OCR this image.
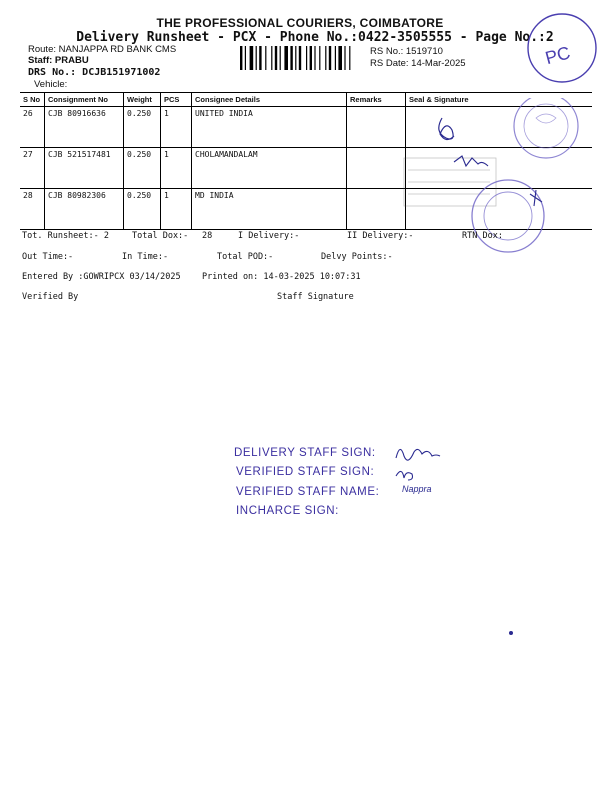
THE PROFESSIONAL COURIERS, COIMBATORE
Delivery Runsheet - PCX - Phone No.:0422-3505555 - Page No.:2
PC
Route: NANJAPPA RD BANK CMS
Staff: PRABU
DRS No.: DCJB151971002
Vehicle:
RS No.: 1519710
RS Date: 14-Mar-2025
S No	Consignment No	Weight	PCS	Consignee Details	Remarks	Seal & Signature
26	CJB 80916636	0.250	1	UNITED INDIA		
27	CJB 521517481	0.250	1	CHOLAMANDALAM		
28	CJB 80982306	0.250	1	MD INDIA		

Tot. Runsheet:- 2	Total Dox:- 28	I Delivery:-	II Delivery:-	RTN Dox:
Out Time:-	In Time:-	Total POD:-	Delvy Points:-
Entered By :GOWRIPCX 03/14/2025	Printed on: 14-03-2025 10:07:31
Verified By	Staff Signature
DELIVERY STAFF SIGN:
VERIFIED STAFF SIGN:
VERIFIED STAFF NAME:
INCHARCE SIGN:
Nappra
